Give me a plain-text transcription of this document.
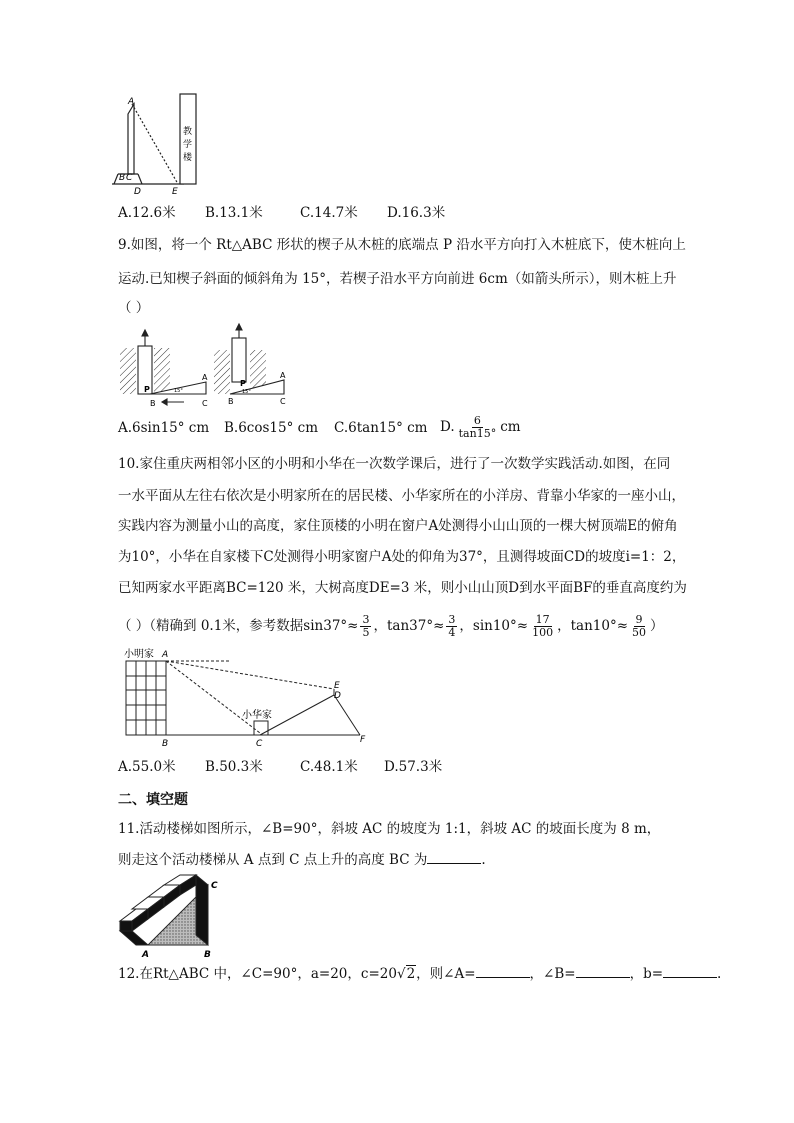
A
B C
D	E
教
学
楼
A.12.6米 B.13.1米	C.14.7米 D.16.3米
9.如图，将一个 Rt△ABC 形状的楔子从木桩的底端点 P 沿水平方向打入木桩底下，使木桩向上
运动.已知楔子斜面的倾斜角为 15°，若楔子沿水平方向前进 6cm（如箭头所示），则木桩上升
（ ）
P
A
B	C
15°
P
A
B	C
15°
A.6sin15° cm B.6cos15° cm C.6tan15° cm D. $\frac{6}{\tan 15^\circ}$ cm
10.家住重庆两相邻小区的小明和小华在一次数学课后，进行了一次数学实践活动.如图，在同
一水平面从左往右依次是小明家所在的居民楼、小华家所在的小洋房、背靠小华家的一座小山，
实践内容为测量小山的高度，家住顶楼的小明在窗户A处测得小山山顶的一棵大树顶端E的俯角
为10°，小华在自家楼下C处测得小明家窗户A处的仰角为37°，且测得坡面CD的坡度i=1：2，
已知两家水平距离BC=120 米，大树高度DE=3 米，则小山山顶D到水平面BF的垂直高度约为
（ ）（精确到 0.1米，参考数据$\sin 37^\circ\approx \frac{3}{5}$ ，$\tan 37^\circ\approx \frac{3}{4}$ ，$\sin 10^\circ\approx \frac{17}{100}$ ，$\tan 10^\circ\approx \frac{9}{50}$ ）
小明家 A
小华家
B	C
E
D
F
A.55.0米 B.50.3米	C.48.1米 D.57.3米
二、填空题
11.活动楼梯如图所示，∠B=90°，斜坡 AC 的坡度为 1:1，斜坡 AC 的坡面长度为 8 m，
则走这个活动楼梯从 A 点到 C 点上升的高度 BC 为	.
C
A	B
12.在Rt△ABC 中，∠C=90°，a=20，c=20√2，则∠A=	，∠B=	，b=	.
